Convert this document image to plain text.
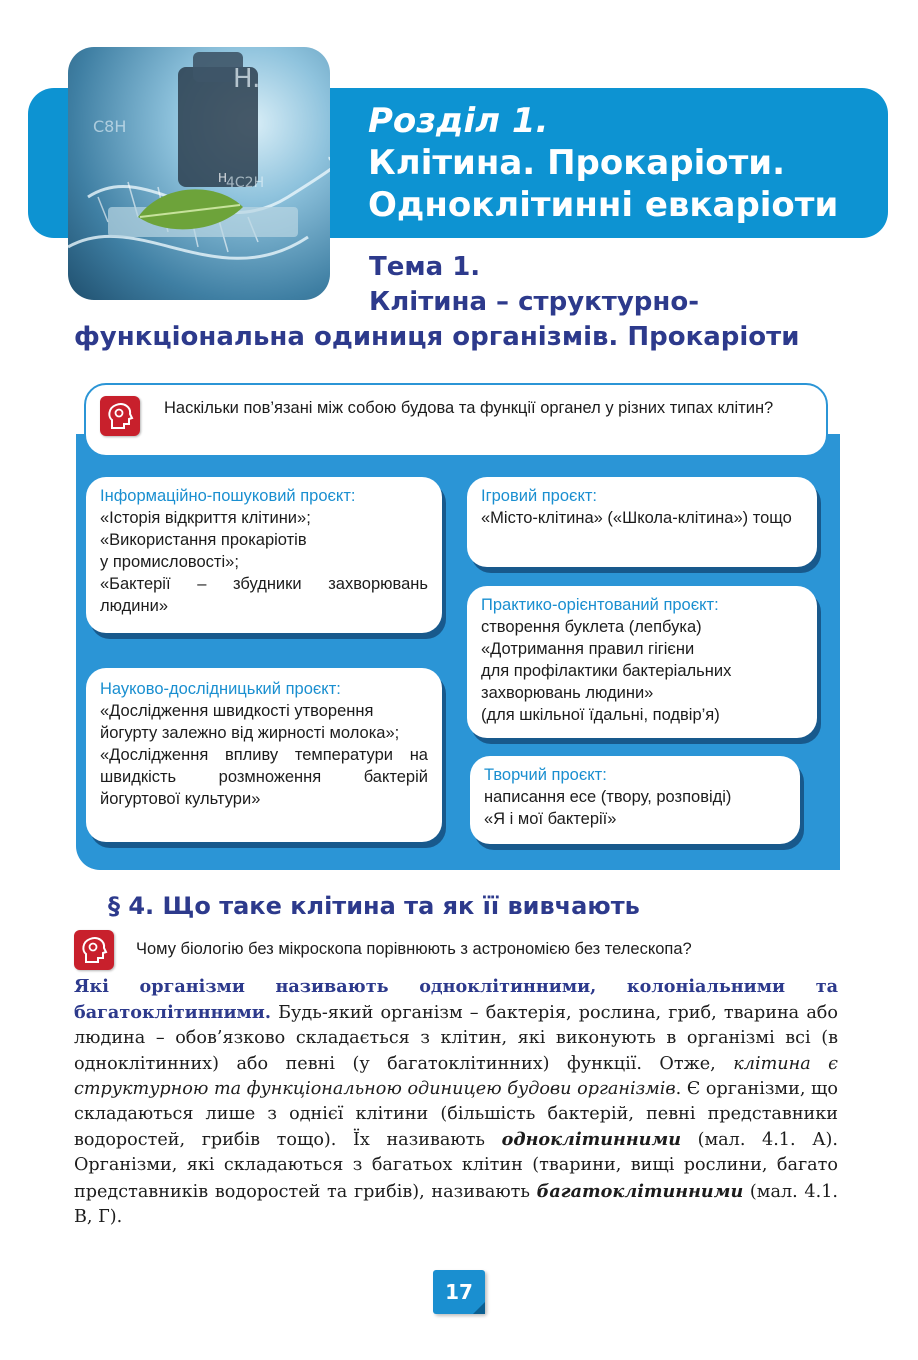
H.
C8H
H
4C2H
Розділ 1.
Клітина. Прокаріоти.
Одноклітинні евкаріоти
Тема 1.
Клітина – структурно-
функціональна одиниця організмів. Прокаріоти
Наскільки пов’язані між собою будова та функції органел у різних типах клітин?
Інформаційно-пошуковий проєкт:
«Історія відкриття клітини»;
«Використання прокаріотів
у промисловості»;
«Бактерії – збудники захворювань людини»
Ігровий проєкт:
«Місто-клітина» («Школа-клітина») тощо
Практико-орієнтований проєкт:
створення буклета (лепбука)
«Дотримання правил гігієни
для профілактики бактеріальних
захворювань людини»
(для шкільної їдальні, подвір’я)
Науково-дослідницький проєкт:
«Дослідження швидкості утворення йогурту залежно від жирності молока»;
«Дослідження впливу температури на швидкість розмноження бактерій йогуртової культури»
Творчий проєкт:
написання есе (твору, розповіді)
«Я і мої бактерії»
§ 4. Що таке клітина та як її вивчають
Чому біологію без мікроскопа порівнюють з астрономією без телескопа?

Які організми називають одноклітинними, колоніальними та багатоклітинними. Будь-який організм – бактерія, рослина, гриб, тварина або людина – обов’язково складається з клітин, які виконують в організмі всі (в одноклітинних) або певні (у багатоклітинних) функції. Отже, клітина є структурною та функціональною одиницею будови організмів. Є організми, що складаються лише з однієї клітини (більшість бактерій, певні представники водоростей, грибів тощо). Їх називають одноклітинними (мал. 4.1. А). Організми, які складаються з багатьох клітин (тварини, вищі рослини, багато представників водоростей та грибів), називають багатоклітинними (мал. 4.1. В, Г).

17
